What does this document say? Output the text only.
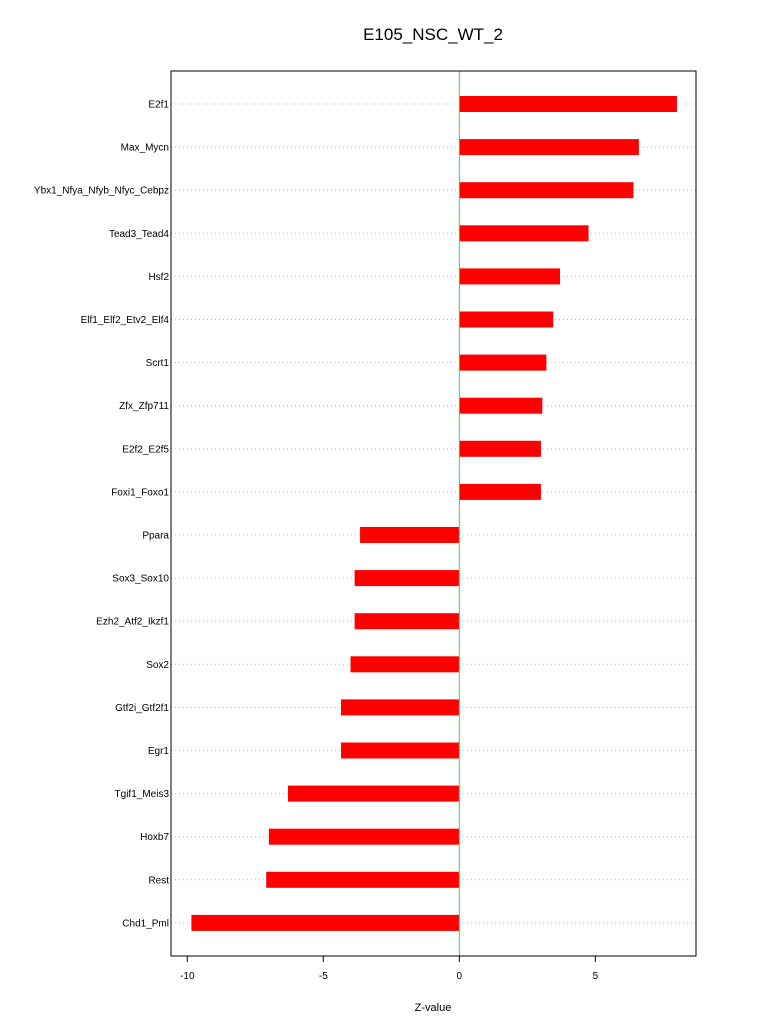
E105_NSC_WT_2
E2f1
Max_Mycn
Ybx1_Nfya_Nfyb_Nfyc_Cebpz
Tead3_Tead4
Hsf2
Elf1_Elf2_Etv2_Elf4
Scrt1
Zfx_Zfp711
E2f2_E2f5
Foxi1_Foxo1
Ppara
Sox3_Sox10
Ezh2_Atf2_Ikzf1
Sox2
Gtf2i_Gtf2f1
Egr1
Tgif1_Meis3
Hoxb7
Rest
Chd1_Pml
-10	-5	0	5
Z-value
